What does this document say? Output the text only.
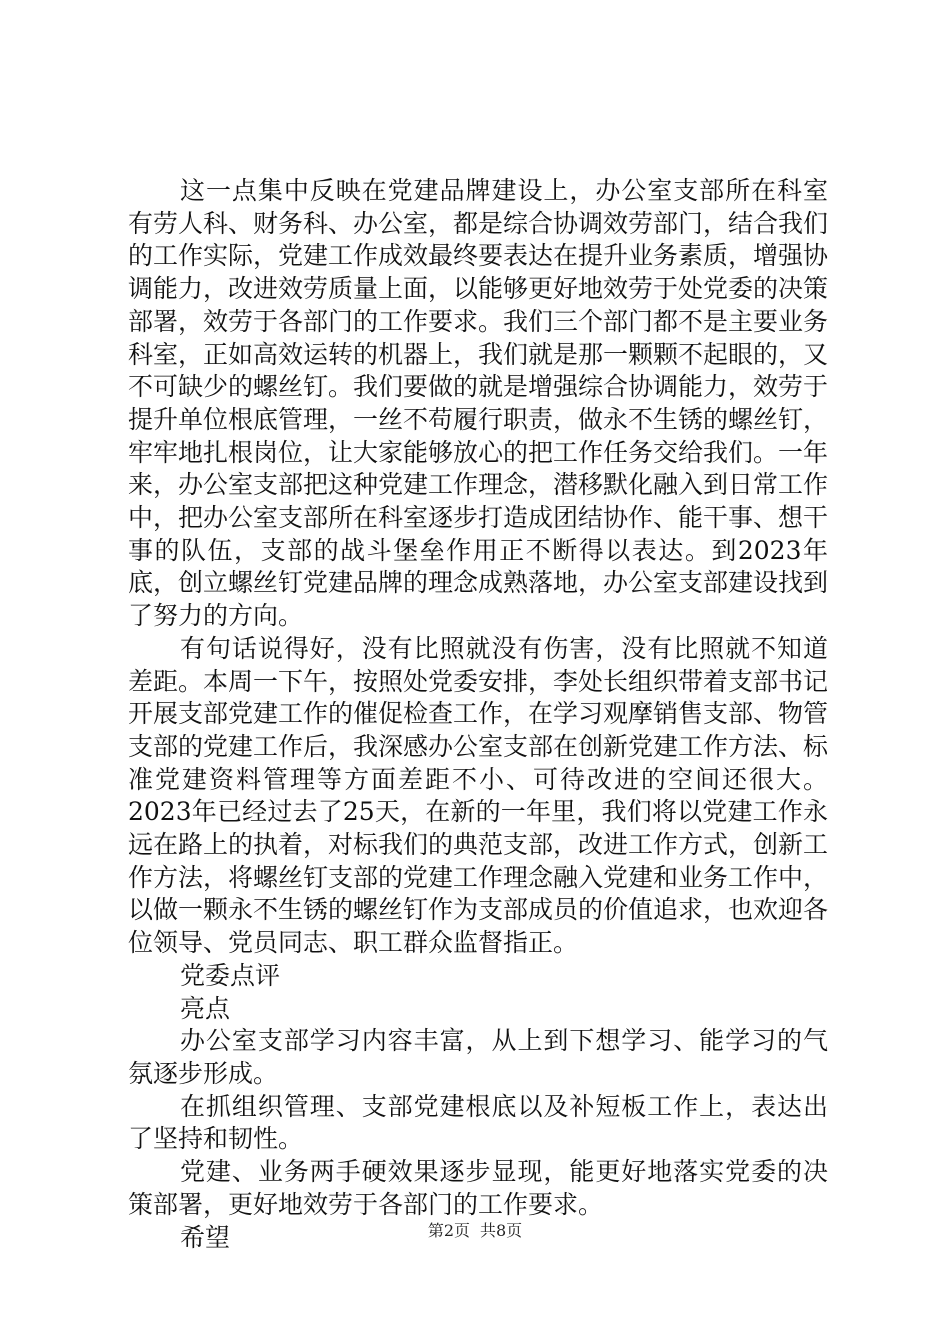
这一点集中反映在党建品牌建设上，办公室支部所在科室有劳人科、财务科、办公室，都是综合协调效劳部门，结合我们的工作实际，党建工作成效最终要表达在提升业务素质，增强协调能力，改进效劳质量上面，以能够更好地效劳于处党委的决策部署，效劳于各部门的工作要求。我们三个部门都不是主要业务科室，正如高效运转的机器上，我们就是那一颗颗不起眼的，又不可缺少的螺丝钉。我们要做的就是增强综合协调能力，效劳于提升单位根底管理，一丝不苟履行职责，做永不生锈的螺丝钉，牢牢地扎根岗位，让大家能够放心的把工作任务交给我们。一年来，办公室支部把这种党建工作理念，潜移默化融入到日常工作中，把办公室支部所在科室逐步打造成团结协作、能干事、想干事的队伍，支部的战斗堡垒作用正不断得以表达。到2023年底，创立螺丝钉党建品牌的理念成熟落地，办公室支部建设找到了努力的方向。

有句话说得好，没有比照就没有伤害，没有比照就不知道差距。本周一下午，按照处党委安排，李处长组织带着支部书记开展支部党建工作的催促检查工作，在学习观摩销售支部、物管支部的党建工作后，我深感办公室支部在创新党建工作方法、标准党建资料管理等方面差距不小、可待改进的空间还很大。2023年已经过去了25天，在新的一年里，我们将以党建工作永远在路上的执着，对标我们的典范支部，改进工作方式，创新工作方法，将螺丝钉支部的党建工作理念融入党建和业务工作中，以做一颗永不生锈的螺丝钉作为支部成员的价值追求，也欢迎各位领导、党员同志、职工群众监督指正。

党委点评

亮点

办公室支部学习内容丰富，从上到下想学习、能学习的气氛逐步形成。

在抓组织管理、支部党建根底以及补短板工作上，表达出了坚持和韧性。

党建、业务两手硬效果逐步显现，能更好地落实党委的决策部署，更好地效劳于各部门的工作要求。

希望	第2页 共8页
